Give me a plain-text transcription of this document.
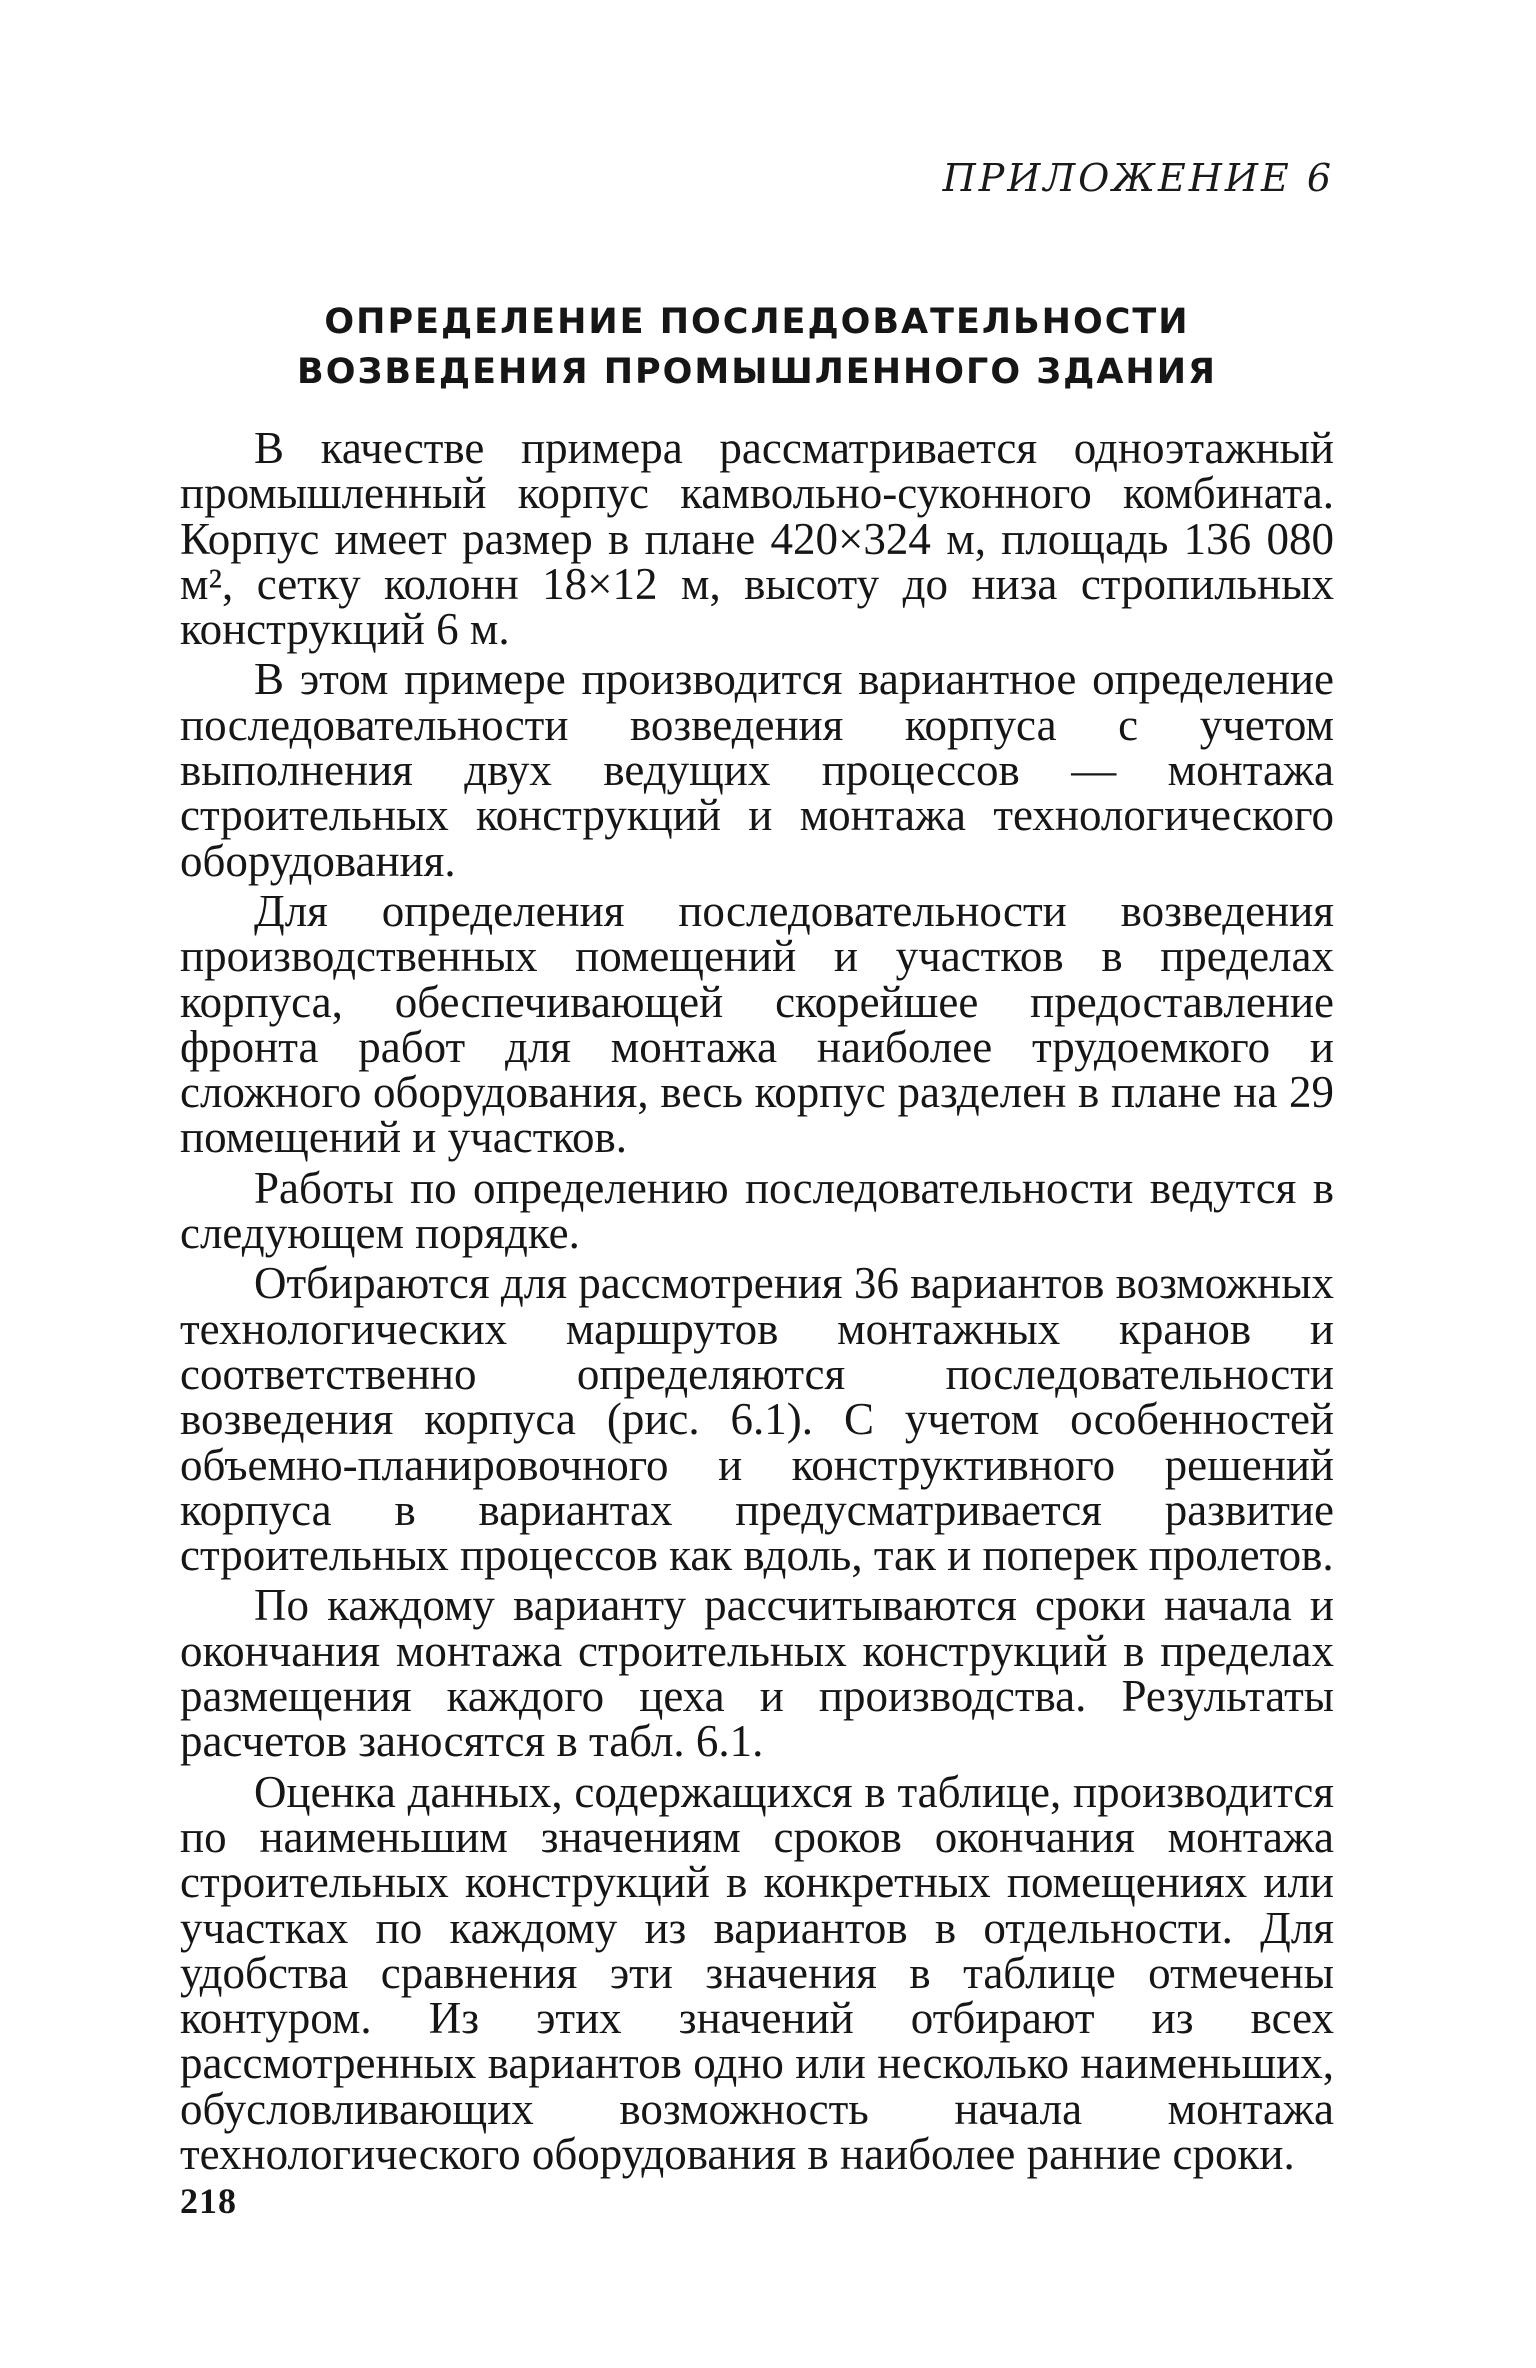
ПРИЛОЖЕНИЕ 6
ОПРЕДЕЛЕНИЕ ПОСЛЕДОВАТЕЛЬНОСТИ
ВОЗВЕДЕНИЯ ПРОМЫШЛЕННОГО ЗДАНИЯ

В качестве примера рассматривается одноэтажный промышленный корпус камвольно-суконного комбината. Корпус имеет размер в плане 420×324 м, площадь 136 080 м², сетку колонн 18×12 м, высоту до низа стропильных конструкций 6 м.

В этом примере производится вариантное определение последовательности возведения корпуса с учетом выполнения двух ведущих процессов — монтажа строительных конструкций и монтажа технологического оборудования.

Для определения последовательности возведения производственных помещений и участков в пределах корпуса, обеспечивающей скорейшее предоставление фронта работ для монтажа наиболее трудоемкого и сложного оборудования, весь корпус разделен в плане на 29 помещений и участков.

Работы по определению последовательности ведутся в следующем порядке.

Отбираются для рассмотрения 36 вариантов возможных технологических маршрутов монтажных кранов и соответственно определяются последовательности возведения корпуса (рис. 6.1). С учетом особенностей объемно-планировочного и конструктивного решений корпуса в вариантах предусматривается развитие строительных процессов как вдоль, так и поперек пролетов.

По каждому варианту рассчитываются сроки начала и окончания монтажа строительных конструкций в пределах размещения каждого цеха и производства. Результаты расчетов заносятся в табл. 6.1.

Оценка данных, содержащихся в таблице, производится по наименьшим значениям сроков окончания монтажа строительных конструкций в конкретных помещениях или участках по каждому из вариантов в отдельности. Для удобства сравнения эти значения в таблице отмечены контуром. Из этих значений отбирают из всех рассмотренных вариантов одно или несколько наименьших, обусловливающих возможность начала монтажа технологического оборудования в наиболее ранние сроки.

218
